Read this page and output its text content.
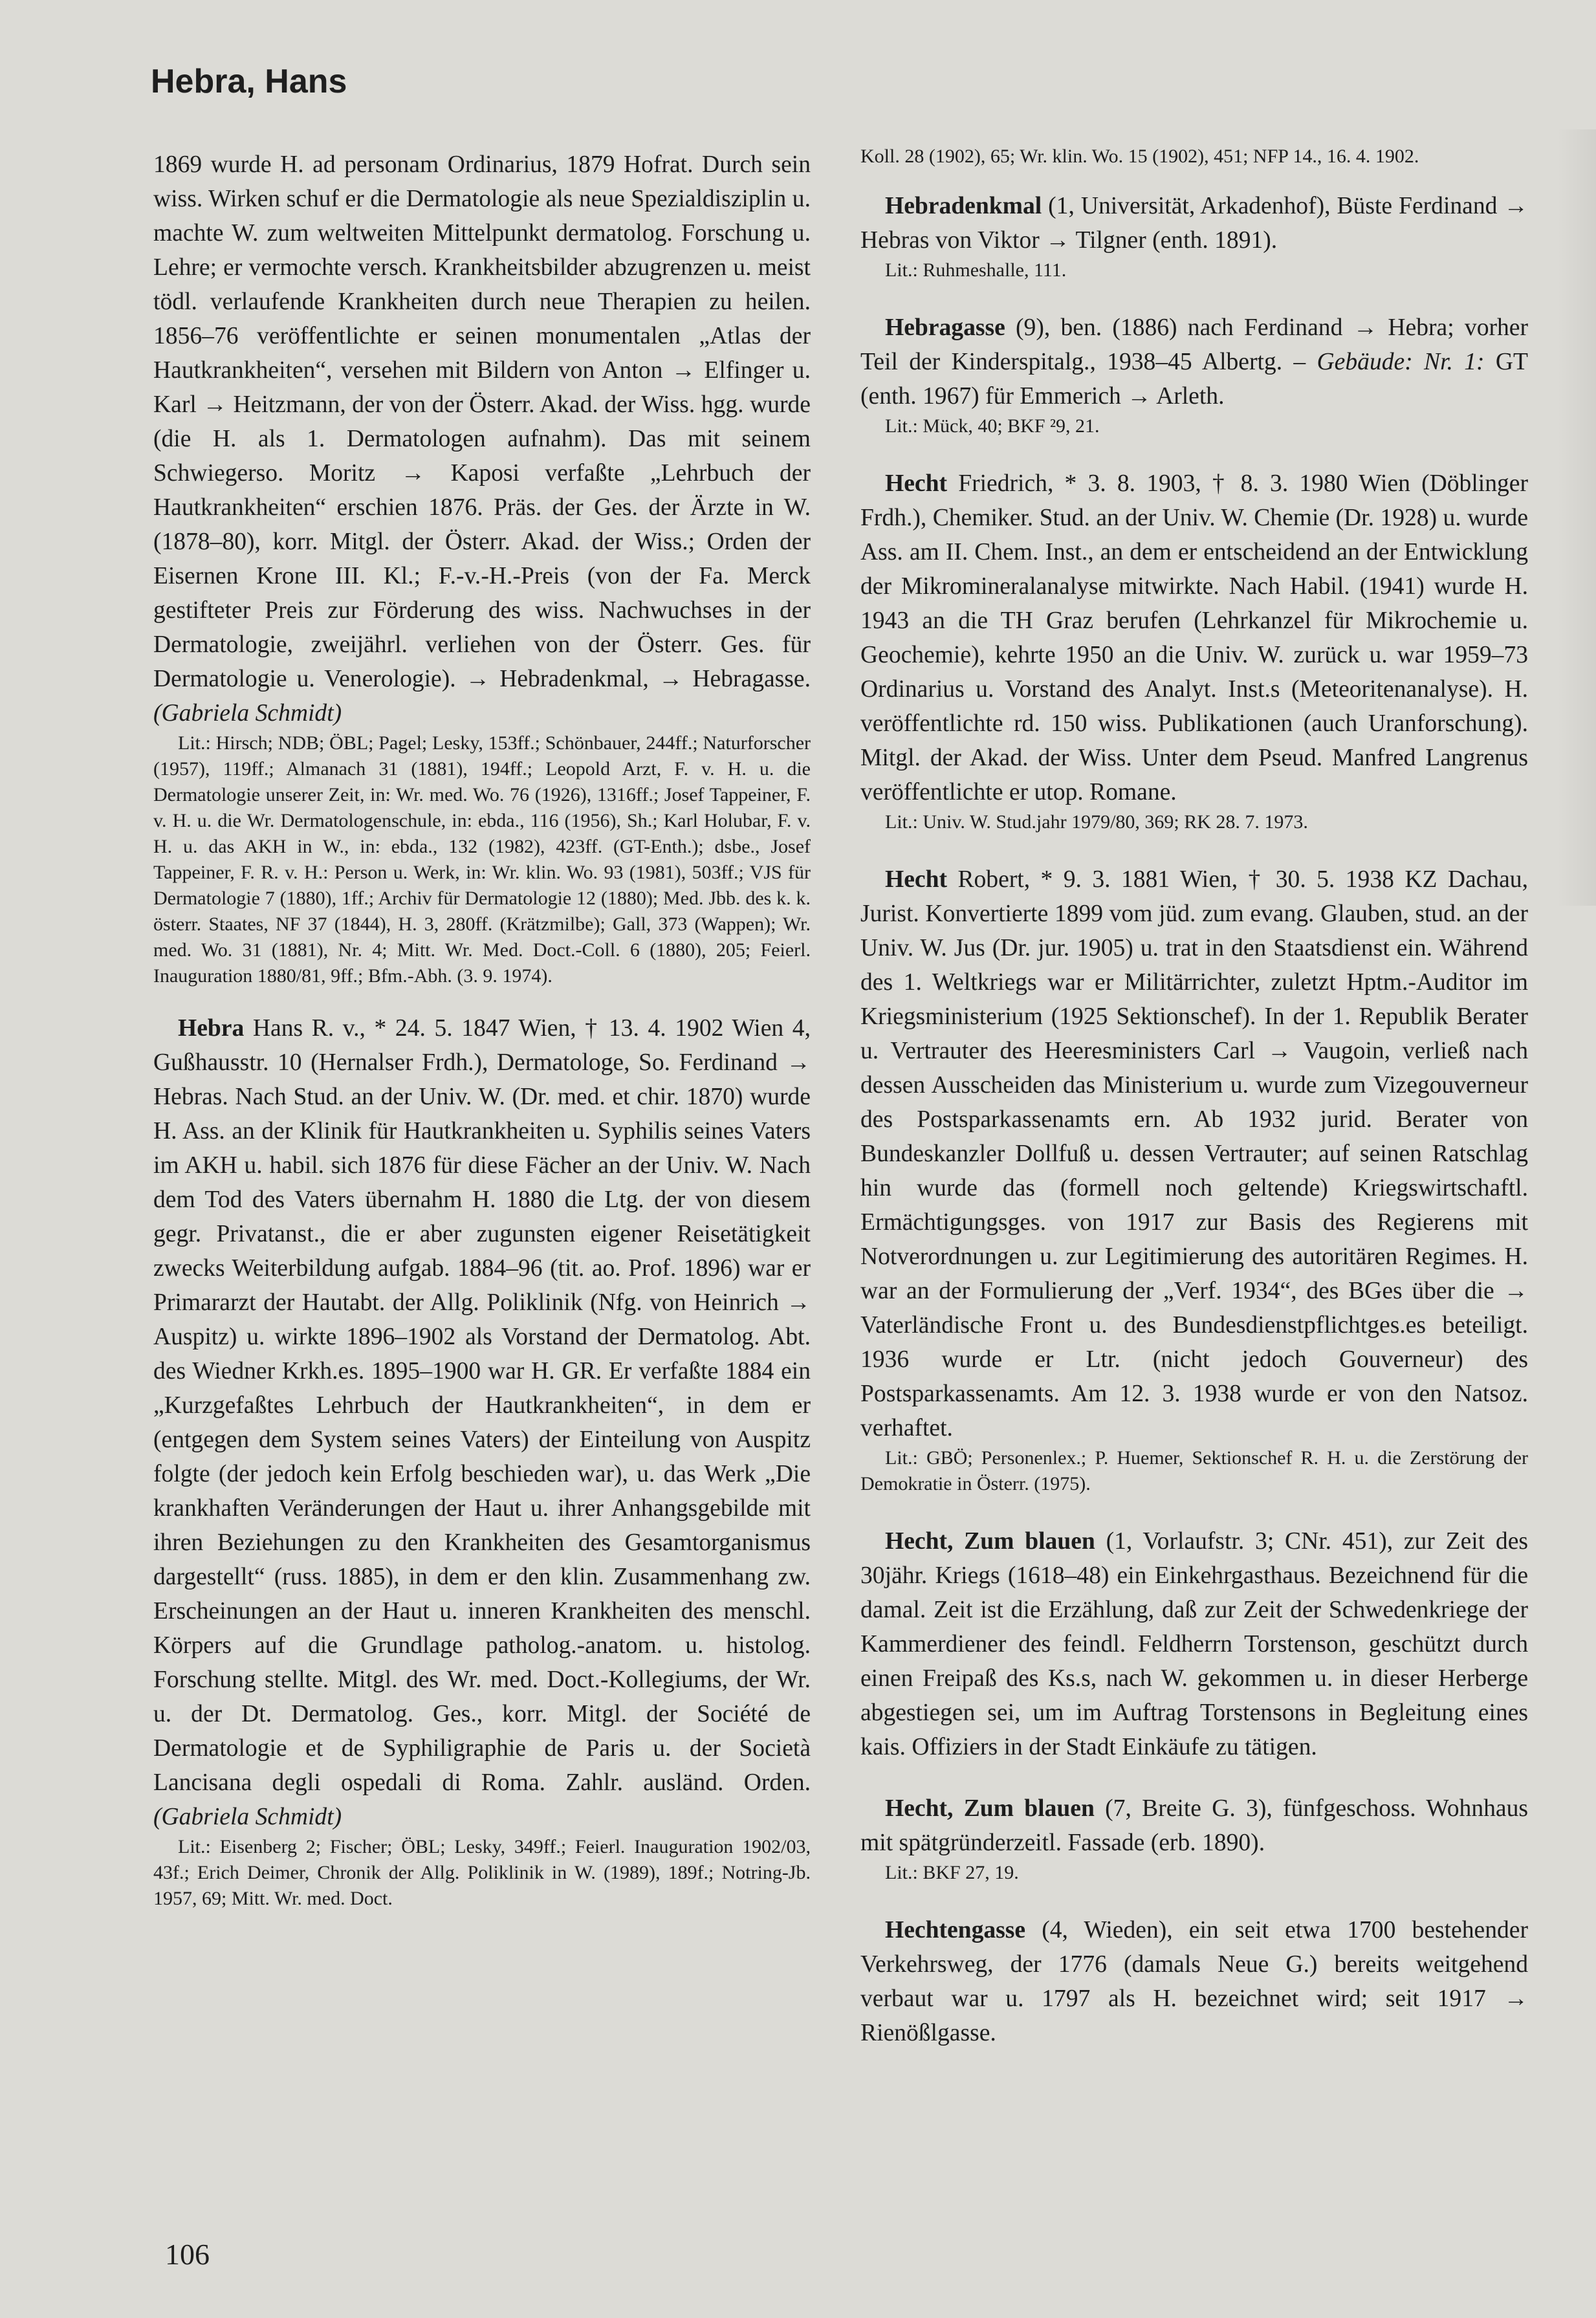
Hebra, Hans

1869 wurde H. ad personam Ordinarius, 1879 Hofrat. Durch sein wiss. Wirken schuf er die Dermatologie als neue Spezialdisziplin u. machte W. zum weltweiten Mittelpunkt dermatolog. Forschung u. Lehre; er vermochte versch. Krankheitsbilder abzugrenzen u. meist tödl. verlaufende Krankheiten durch neue Therapien zu heilen. 1856–76 veröffentlichte er seinen monumentalen „Atlas der Hautkrankheiten“, versehen mit Bildern von Anton → Elfinger u. Karl → Heitzmann, der von der Österr. Akad. der Wiss. hgg. wurde (die H. als 1. Dermatologen aufnahm). Das mit seinem Schwiegerso. Moritz → Kaposi verfaßte „Lehrbuch der Hautkrankheiten“ erschien 1876. Präs. der Ges. der Ärzte in W. (1878–80), korr. Mitgl. der Österr. Akad. der Wiss.; Orden der Eisernen Krone III. Kl.; F.-v.-H.-Preis (von der Fa. Merck gestifteter Preis zur Förderung des wiss. Nachwuchses in der Dermatologie, zweijährl. verliehen von der Österr. Ges. für Dermatologie u. Venerologie). → Hebradenkmal, → Hebragasse. (Gabriela Schmidt)

Lit.: Hirsch; NDB; ÖBL; Pagel; Lesky, 153ff.; Schönbauer, 244ff.; Naturforscher (1957), 119ff.; Almanach 31 (1881), 194ff.; Leopold Arzt, F. v. H. u. die Dermatologie unserer Zeit, in: Wr. med. Wo. 76 (1926), 1316ff.; Josef Tappeiner, F. v. H. u. die Wr. Dermatologenschule, in: ebda., 116 (1956), Sh.; Karl Holubar, F. v. H. u. das AKH in W., in: ebda., 132 (1982), 423ff. (GT-Enth.); dsbe., Josef Tappeiner, F. R. v. H.: Person u. Werk, in: Wr. klin. Wo. 93 (1981), 503ff.; VJS für Dermatologie 7 (1880), 1ff.; Archiv für Dermatologie 12 (1880); Med. Jbb. des k. k. österr. Staates, NF 37 (1844), H. 3, 280ff. (Krätzmilbe); Gall, 373 (Wappen); Wr. med. Wo. 31 (1881), Nr. 4; Mitt. Wr. Med. Doct.-Coll. 6 (1880), 205; Feierl. Inauguration 1880/81, 9ff.; Bfm.-Abh. (3. 9. 1974).

Hebra Hans R. v., * 24. 5. 1847 Wien, † 13. 4. 1902 Wien 4, Gußhausstr. 10 (Hernalser Frdh.), Dermatologe, So. Ferdinand → Hebras. Nach Stud. an der Univ. W. (Dr. med. et chir. 1870) wurde H. Ass. an der Klinik für Hautkrankheiten u. Syphilis seines Vaters im AKH u. habil. sich 1876 für diese Fächer an der Univ. W. Nach dem Tod des Vaters übernahm H. 1880 die Ltg. der von diesem gegr. Privatanst., die er aber zugunsten eigener Reisetätigkeit zwecks Weiterbildung aufgab. 1884–96 (tit. ao. Prof. 1896) war er Primararzt der Hautabt. der Allg. Poliklinik (Nfg. von Heinrich → Auspitz) u. wirkte 1896–1902 als Vorstand der Dermatolog. Abt. des Wiedner Krkh.es. 1895–1900 war H. GR. Er verfaßte 1884 ein „Kurzgefaßtes Lehrbuch der Hautkrankheiten“, in dem er (entgegen dem System seines Vaters) der Einteilung von Auspitz folgte (der jedoch kein Erfolg beschieden war), u. das Werk „Die krankhaften Veränderungen der Haut u. ihrer Anhangsgebilde mit ihren Beziehungen zu den Krankheiten des Gesamtorganismus dargestellt“ (russ. 1885), in dem er den klin. Zusammenhang zw. Erscheinungen an der Haut u. inneren Krankheiten des menschl. Körpers auf die Grundlage patholog.-anatom. u. histolog. Forschung stellte. Mitgl. des Wr. med. Doct.-Kollegiums, der Wr. u. der Dt. Dermatolog. Ges., korr. Mitgl. der Société de Dermatologie et de Syphiligraphie de Paris u. der Società Lancisana degli ospedali di Roma. Zahlr. ausländ. Orden. (Gabriela Schmidt)

Lit.: Eisenberg 2; Fischer; ÖBL; Lesky, 349ff.; Feierl. Inauguration 1902/03, 43f.; Erich Deimer, Chronik der Allg. Poliklinik in W. (1989), 189f.; Notring-Jb. 1957, 69; Mitt. Wr. med. Doct.

Koll. 28 (1902), 65; Wr. klin. Wo. 15 (1902), 451; NFP 14., 16. 4. 1902.

Hebradenkmal (1, Universität, Arkadenhof), Büste Ferdinand → Hebras von Viktor → Tilgner (enth. 1891).

Lit.: Ruhmeshalle, 111.

Hebragasse (9), ben. (1886) nach Ferdinand → Hebra; vorher Teil der Kinderspitalg., 1938–45 Albertg. – Gebäude: Nr. 1: GT (enth. 1967) für Emmerich → Arleth.

Lit.: Mück, 40; BKF ²9, 21.

Hecht Friedrich, * 3. 8. 1903, † 8. 3. 1980 Wien (Döblinger Frdh.), Chemiker. Stud. an der Univ. W. Chemie (Dr. 1928) u. wurde Ass. am II. Chem. Inst., an dem er entscheidend an der Entwicklung der Mikromineralanalyse mitwirkte. Nach Habil. (1941) wurde H. 1943 an die TH Graz berufen (Lehrkanzel für Mikrochemie u. Geochemie), kehrte 1950 an die Univ. W. zurück u. war 1959–73 Ordinarius u. Vorstand des Analyt. Inst.s (Meteoritenanalyse). H. veröffentlichte rd. 150 wiss. Publikationen (auch Uranforschung). Mitgl. der Akad. der Wiss. Unter dem Pseud. Manfred Langrenus veröffentlichte er utop. Romane.

Lit.: Univ. W. Stud.jahr 1979/80, 369; RK 28. 7. 1973.

Hecht Robert, * 9. 3. 1881 Wien, † 30. 5. 1938 KZ Dachau, Jurist. Konvertierte 1899 vom jüd. zum evang. Glauben, stud. an der Univ. W. Jus (Dr. jur. 1905) u. trat in den Staatsdienst ein. Während des 1. Weltkriegs war er Militärrichter, zuletzt Hptm.-Auditor im Kriegsministerium (1925 Sektionschef). In der 1. Republik Berater u. Vertrauter des Heeresministers Carl → Vaugoin, verließ nach dessen Ausscheiden das Ministerium u. wurde zum Vizegouverneur des Postsparkassenamts ern. Ab 1932 jurid. Berater von Bundeskanzler Dollfuß u. dessen Vertrauter; auf seinen Ratschlag hin wurde das (formell noch geltende) Kriegswirtschaftl. Ermächtigungsges. von 1917 zur Basis des Regierens mit Notverordnungen u. zur Legitimierung des autoritären Regimes. H. war an der Formulierung der „Verf. 1934“, des BGes über die → Vaterländische Front u. des Bundesdienstpflichtges.es beteiligt. 1936 wurde er Ltr. (nicht jedoch Gouverneur) des Postsparkassenamts. Am 12. 3. 1938 wurde er von den Natsoz. verhaftet.

Lit.: GBÖ; Personenlex.; P. Huemer, Sektionschef R. H. u. die Zerstörung der Demokratie in Österr. (1975).

Hecht, Zum blauen (1, Vorlaufstr. 3; CNr. 451), zur Zeit des 30jähr. Kriegs (1618–48) ein Einkehrgasthaus. Bezeichnend für die damal. Zeit ist die Erzählung, daß zur Zeit der Schwedenkriege der Kammerdiener des feindl. Feldherrn Torstenson, geschützt durch einen Freipaß des Ks.s, nach W. gekommen u. in dieser Herberge abgestiegen sei, um im Auftrag Torstensons in Begleitung eines kais. Offiziers in der Stadt Einkäufe zu tätigen.

Hecht, Zum blauen (7, Breite G. 3), fünfgeschoss. Wohnhaus mit spätgründerzeitl. Fassade (erb. 1890).

Lit.: BKF 27, 19.

Hechtengasse (4, Wieden), ein seit etwa 1700 bestehender Verkehrsweg, der 1776 (damals Neue G.) bereits weitgehend verbaut war u. 1797 als H. bezeichnet wird; seit 1917 → Rienößlgasse.

106
